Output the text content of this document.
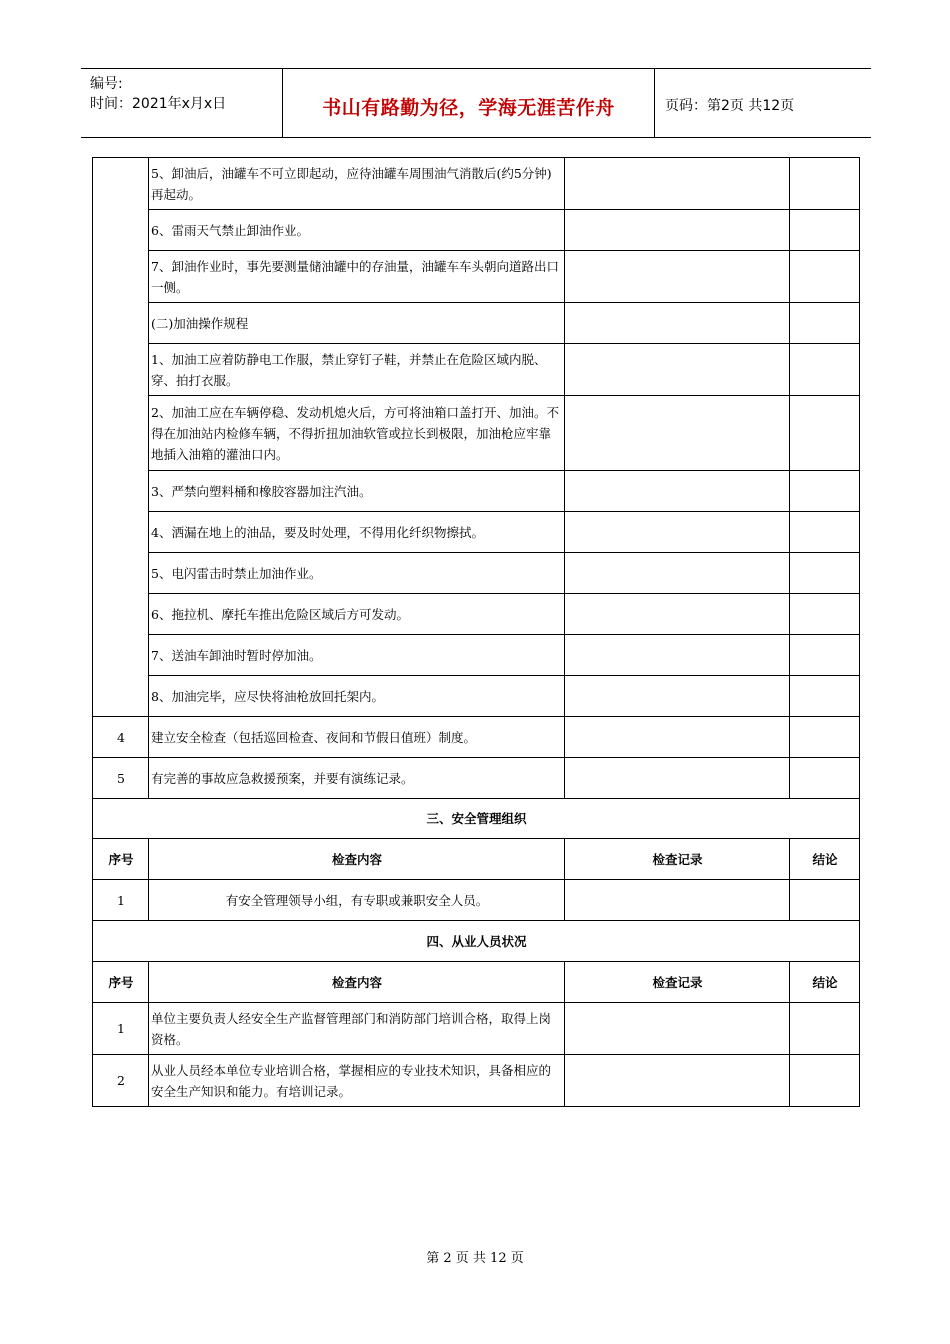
编号:
时间：2021年x月x日	书山有路勤为径，学海无涯苦作舟	页码：第2页 共12页
	5、卸油后，油罐车不可立即起动，应待油罐车周围油气消散后(约5分钟)再起动。		
	6、雷雨天气禁止卸油作业。		
	7、卸油作业时，事先要测量储油罐中的存油量，油罐车车头朝向道路出口一侧。		
	(二)加油操作规程		
	1、加油工应着防静电工作服，禁止穿钉子鞋，并禁止在危险区域内脱、穿、拍打衣服。		
	2、加油工应在车辆停稳、发动机熄火后，方可将油箱口盖打开、加油。不得在加油站内检修车辆，不得折扭加油软管或拉长到极限，加油枪应牢靠地插入油箱的灌油口内。		
	3、严禁向塑料桶和橡胶容器加注汽油。		
	4、洒漏在地上的油品，要及时处理，不得用化纤织物擦拭。		
	5、电闪雷击时禁止加油作业。		
	6、拖拉机、摩托车推出危险区域后方可发动。		
	7、送油车卸油时暂时停加油。		
	8、加油完毕，应尽快将油枪放回托架内。		
4	建立安全检查（包括巡回检查、夜间和节假日值班）制度。		
5	有完善的事故应急救援预案，并要有演练记录。		
三、安全管理组织			
序号	检查内容	检查记录	结论
1	有安全管理领导小组，有专职或兼职安全人员。		
四、从业人员状况			
序号	检查内容	检查记录	结论
1	单位主要负责人经安全生产监督管理部门和消防部门培训合格，取得上岗资格。		
2	从业人员经本单位专业培训合格，掌握相应的专业技术知识，具备相应的安全生产知识和能力。有培训记录。		
第 2 页 共 12 页
